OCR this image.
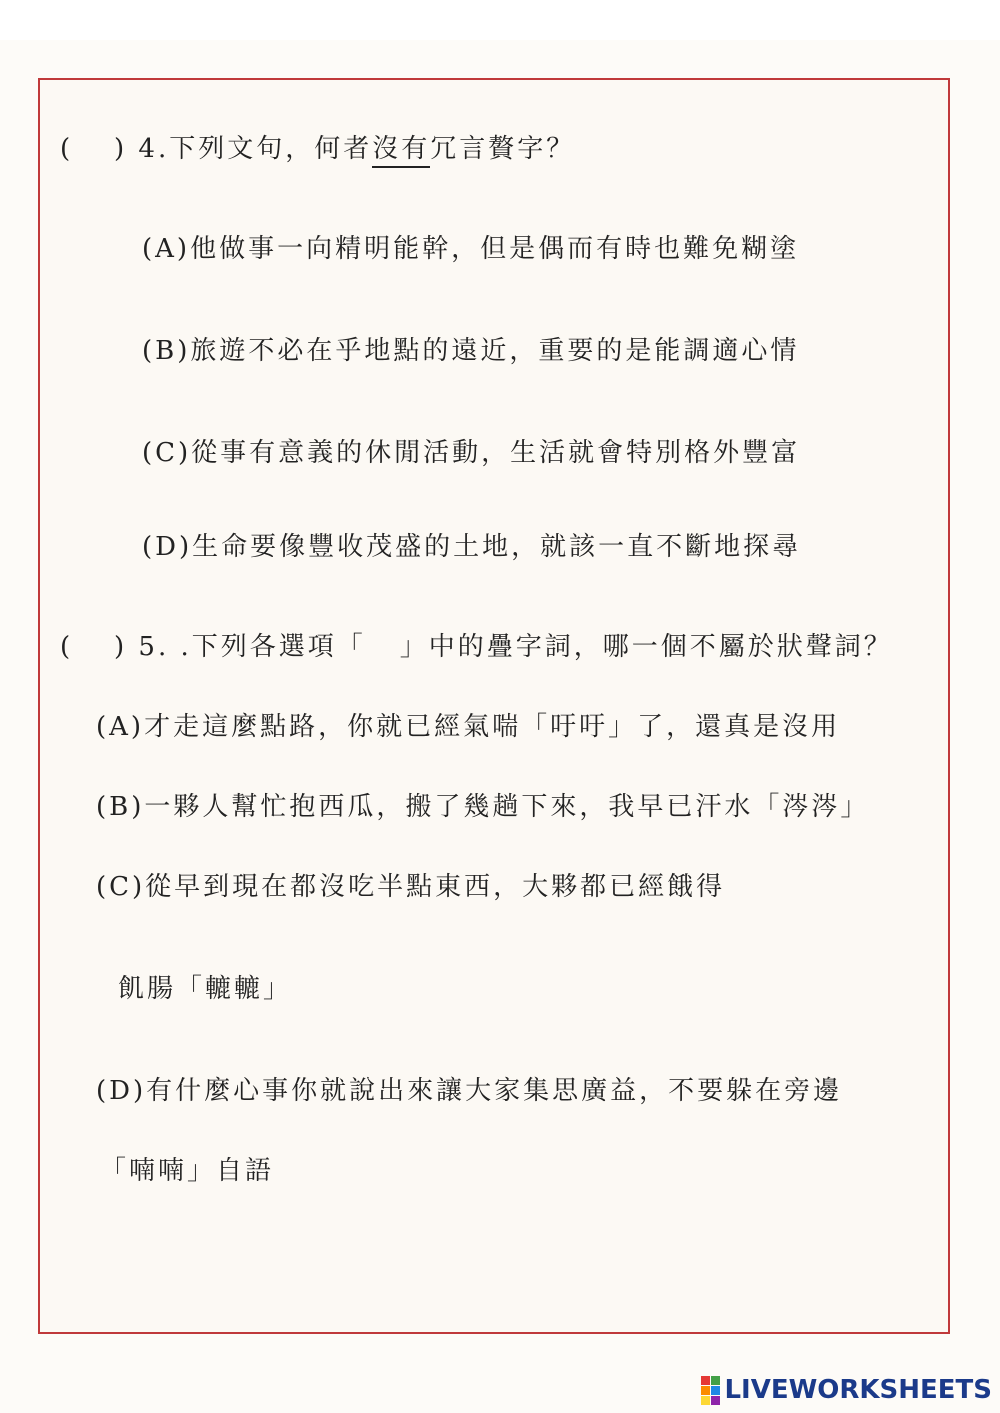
( ) 4.下列文句，何者沒有冗言贅字？
(A)他做事一向精明能幹，但是偶而有時也難免糊塗
(B)旅遊不必在乎地點的遠近，重要的是能調適心情
(C)從事有意義的休閒活動，生活就會特別格外豐富
(D)生命要像豐收茂盛的土地，就該一直不斷地探尋
( ) 5. .下列各選項「 」中的疊字詞，哪一個不屬於狀聲詞？
(A)才走這麼點路，你就已經氣喘「吁吁」了，還真是沒用
(B)一夥人幫忙抱西瓜，搬了幾趟下來，我早已汗水「涔涔」
(C)從早到現在都沒吃半點東西，大夥都已經餓得
飢腸「轆轆」
(D)有什麼心事你就說出來讓大家集思廣益，不要躲在旁邊
「喃喃」自語
LIVEWORKSHEETS
